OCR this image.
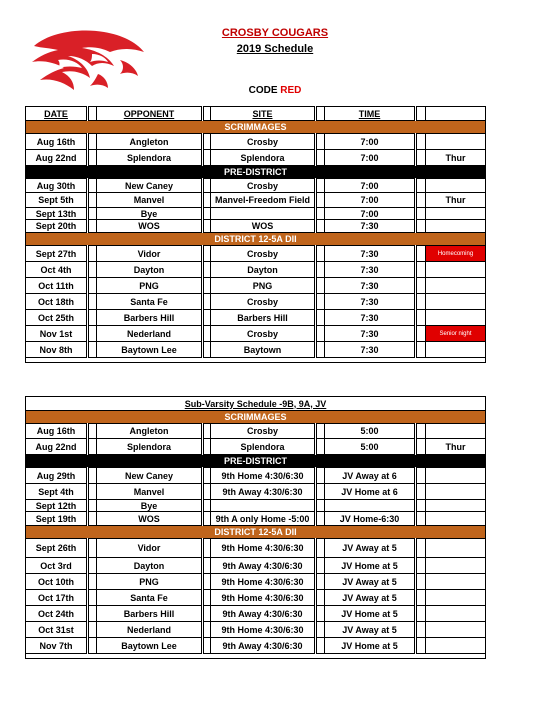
CROSBY COUGARS
2019 Schedule
CODE RED
DATE		OPPONENT		SITE		TIME		
SCRIMMAGES								
Aug 16th		Angleton		Crosby		7:00		
Aug 22nd		Splendora		Splendora		7:00		Thur
PRE-DISTRICT								
Aug 30th		New Caney		Crosby		7:00		
Sept 5th		Manvel		Manvel-Freedom Field		7:00		Thur
Sept 13th		Bye				7:00		
Sept 20th		WOS		WOS		7:30		
DISTRICT 12-5A DII								
Sept 27th		Vidor		Crosby		7:30		Homecoming
Oct 4th		Dayton		Dayton		7:30		
Oct 11th		PNG		PNG		7:30		
Oct 18th		Santa Fe		Crosby		7:30		
Oct 25th		Barbers Hill		Barbers Hill		7:30		
Nov 1st		Nederland		Crosby		7:30		Senior night
Nov 8th		Baytown Lee		Baytown		7:30		

Sub-Varsity Schedule -9B, 9A, JV								
SCRIMMAGES								
Aug 16th		Angleton		Crosby		5:00		
Aug 22nd		Splendora		Splendora		5:00		Thur
PRE-DISTRICT								
Aug 29th		New Caney		9th Home 4:30/6:30		JV Away at 6		
Sept 4th		Manvel		9th Away 4:30/6:30		JV Home at 6		
Sept 12th		Bye						
Sept 19th		WOS		9th A only Home -5:00		JV Home-6:30		
DISTRICT 12-5A DII								
Sept 26th		Vidor		9th Home 4:30/6:30		JV Away at 5		
Oct 3rd		Dayton		9th Away 4:30/6:30		JV Home at 5		
Oct 10th		PNG		9th Home 4:30/6:30		JV Away at 5		
Oct 17th		Santa Fe		9th Home 4:30/6:30		JV Away at 5		
Oct 24th		Barbers Hill		9th Away 4:30/6:30		JV Home at 5		
Oct 31st		Nederland		9th Home 4:30/6:30		JV Away at 5		
Nov 7th		Baytown Lee		9th Away 4:30/6:30		JV Home at 5		
